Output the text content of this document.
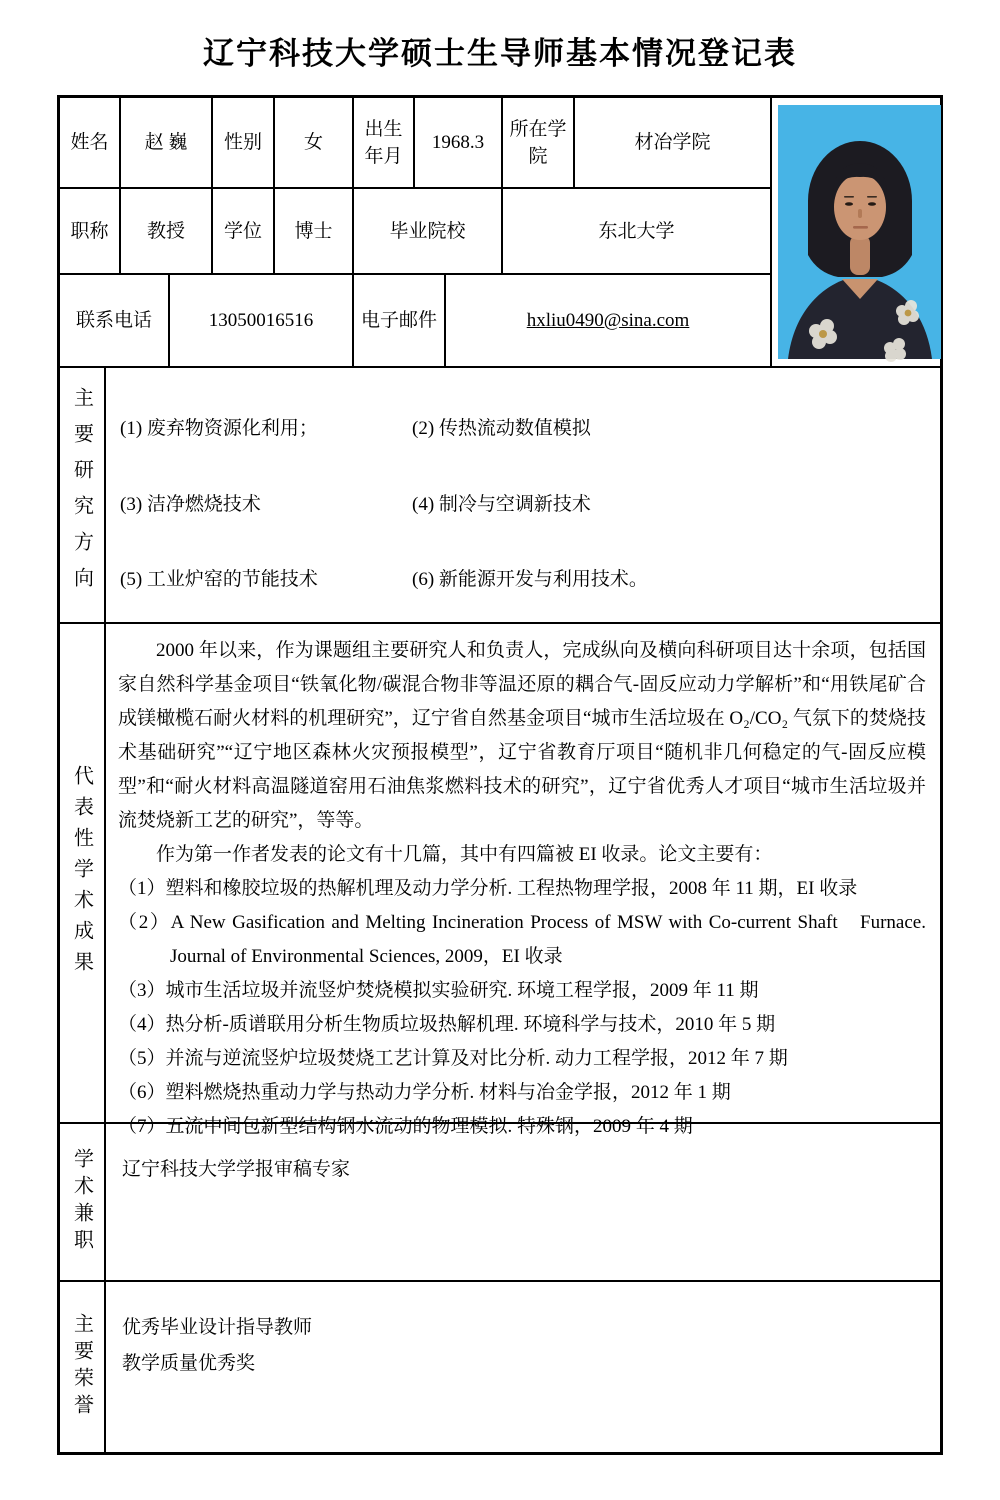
辽宁科技大学硕士生导师基本情况登记表
姓名	赵 巍		性别	女	出生年月	1968.3		所在学院	材冶学院	

职称	教授		学位	博士	毕业院校			东北大学		
联系电话		13050016516			电子邮件		hxliu0490@sina.com			
主要研究方向 (1) 废弃物资源化利用；	(2) 传热流动数值模拟
(3) 洁净燃烧技术	(4) 制冷与空调新技术
(5) 工业炉窑的节能技术	(6) 新能源开发与利用技术。
代表性学术成果

2000 年以来，作为课题组主要研究人和负责人，完成纵向及横向科研项目达十余项，包括国家自然科学基金项目“铁氧化物/碳混合物非等温还原的耦合气-固反应动力学解析”和“用铁尾矿合成镁橄榄石耐火材料的机理研究”，辽宁省自然基金项目“城市生活垃圾在 O₂/CO₂ 气氛下的焚烧技术基础研究”“辽宁地区森林火灾预报模型”，辽宁省教育厅项目“随机非几何稳定的气-固反应模型”和“耐火材料高温隧道窑用石油焦浆燃料技术的研究”，辽宁省优秀人才项目“城市生活垃圾并流焚烧新工艺的研究”，等等。

作为第一作者发表的论文有十几篇，其中有四篇被 EI 收录。论文主要有：

（1）塑料和橡胶垃圾的热解机理及动力学分析. 工程热物理学报，2008 年 11 期，EI 收录
（2）A New Gasification and Melting Incineration Process of MSW with Co-current Shaft　Furnace. Journal of Environmental Sciences, 2009，EI 收录
（3）城市生活垃圾并流竖炉焚烧模拟实验研究. 环境工程学报，2009 年 11 期
（4）热分析-质谱联用分析生物质垃圾热解机理. 环境科学与技术，2010 年 5 期
（5）并流与逆流竖炉垃圾焚烧工艺计算及对比分析. 动力工程学报，2012 年 7 期
（6）塑料燃烧热重动力学与热动力学分析. 材料与冶金学报，2012 年 1 期
（7）五流中间包新型结构钢水流动的物理模拟. 特殊钢，2009 年 4 期
学术兼职 辽宁科技大学学报审稿专家
主要荣誉 优秀毕业设计指导教师
教学质量优秀奖
